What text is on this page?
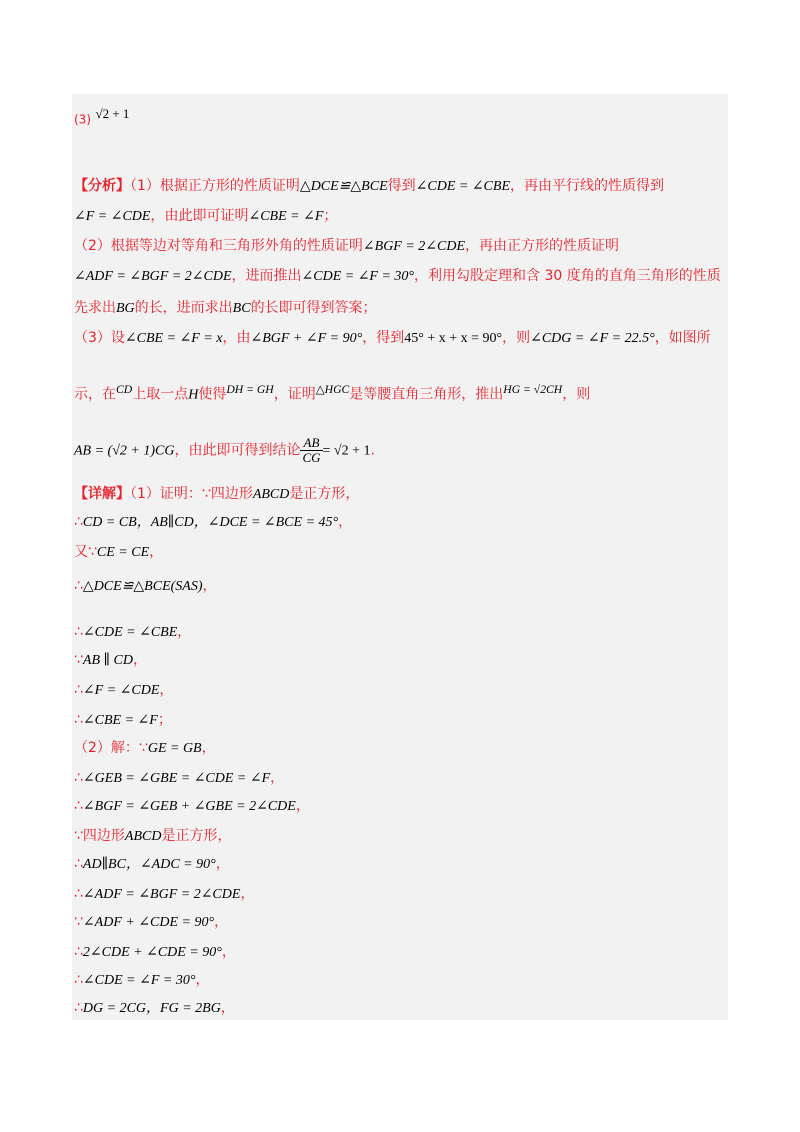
(3) $^{√2 + 1}$
【分析】（1）根据正方形的性质证明△DCE≌△BCE得到∠CDE = ∠CBE，再由平行线的性质得到
∠F = ∠CDE，由此即可证明∠CBE = ∠F；
（2）根据等边对等角和三角形外角的性质证明∠BGF = 2∠CDE，再由正方形的性质证明
∠ADF = ∠BGF = 2∠CDE，进而推出∠CDE = ∠F = 30°，利用勾股定理和含 30 度角的直角三角形的性质
先求出BG的长，进而求出BC的长即可得到答案；
（3）设∠CBE = ∠F = x，由∠BGF + ∠F = 90°，得到45° + x + x = 90°，则∠CDG = ∠F = 22.5°，如图所
示，在$^{CD}$上取一点H使得$^{DH = GH}$，证明$^{\triangle HGC}$是等腰直角三角形，推出$^{HG = √2CH}$，则
AB = (√2 + 1)CG，由此即可得到结论 $\frac{AB}{CG} = √2 + 1$.
【详解】（1）证明：∵四边形ABCD是正方形，
∴CD = CB，AB∥CD，∠DCE = ∠BCE = 45°，
又∵CE = CE，
∴△DCE≌△BCE(SAS)，
∴∠CDE = ∠CBE，
∵AB ∥ CD，
∴∠F = ∠CDE，
∴∠CBE = ∠F；
（2）解：∵GE = GB，
∴∠GEB = ∠GBE = ∠CDE = ∠F，
∴∠BGF = ∠GEB + ∠GBE = 2∠CDE，
∵四边形ABCD是正方形，
∴AD∥BC，∠ADC = 90°，
∴∠ADF = ∠BGF = 2∠CDE，
∵∠ADF + ∠CDE = 90°，
∴2∠CDE + ∠CDE = 90°，
∴∠CDE = ∠F = 30°，
∴DG = 2CG，FG = 2BG，
